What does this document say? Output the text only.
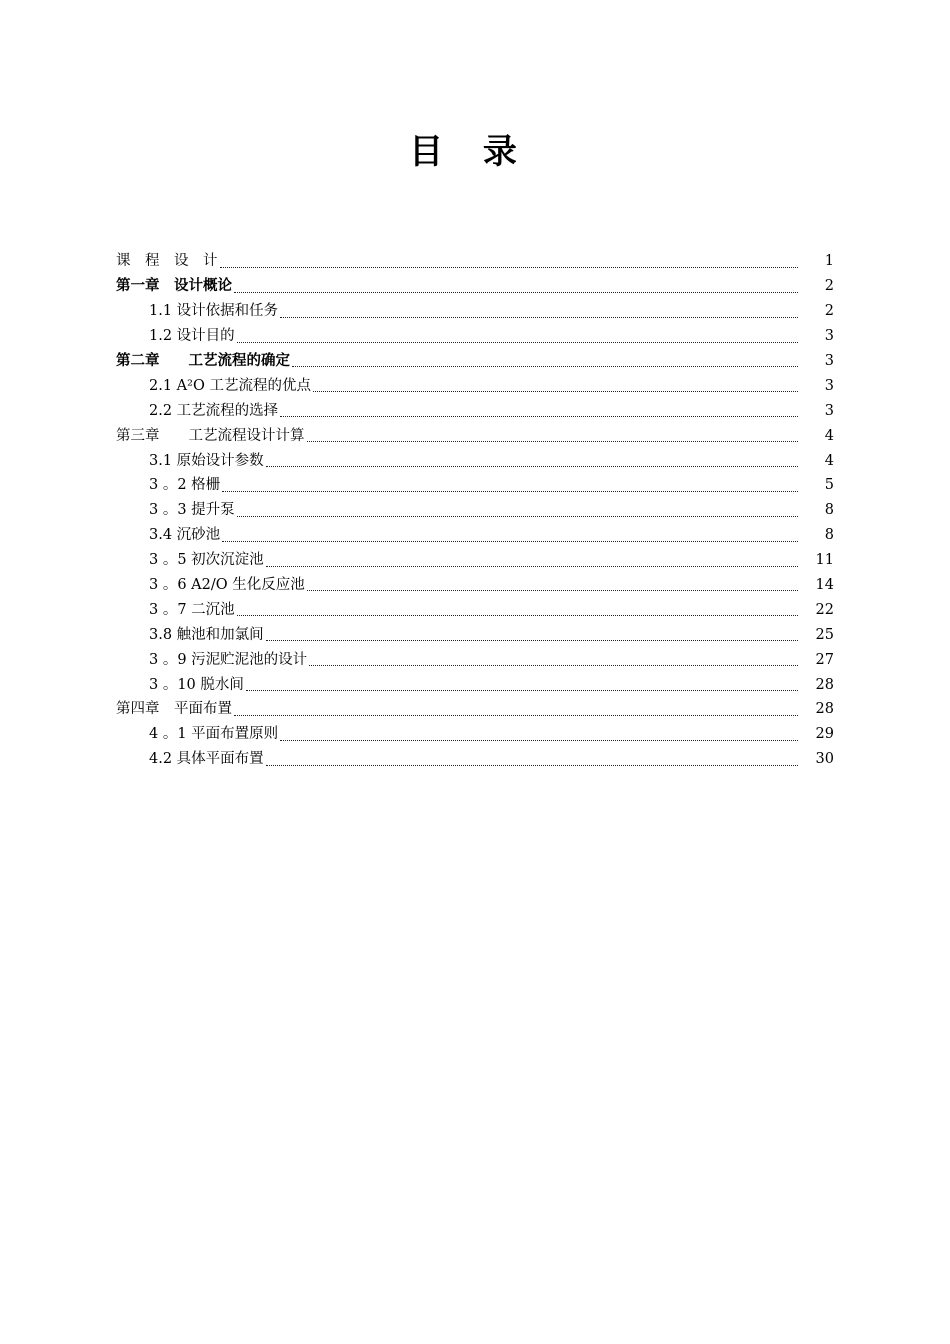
目 录
课　程　设　计	1
第一章　设计概论	2
1.1 设计依据和任务	2
1.2 设计目的	3
第二章　　工艺流程的确定	3
2.1 A²O 工艺流程的优点	3
2.2 工艺流程的选择	3
第三章　　工艺流程设计计算	4
3.1 原始设计参数	4
3 。2 格栅	5
3 。3 提升泵	8
3.4 沉砂池	8
3 。5 初次沉淀池	11
3 。6 A2/O 生化反应池	14
3 。7 二沉池	22
3.8 触池和加氯间	25
3 。9 污泥贮泥池的设计	27
3 。10 脱水间	28
第四章　平面布置	28
4 。1 平面布置原则	29
4.2 具体平面布置	30
